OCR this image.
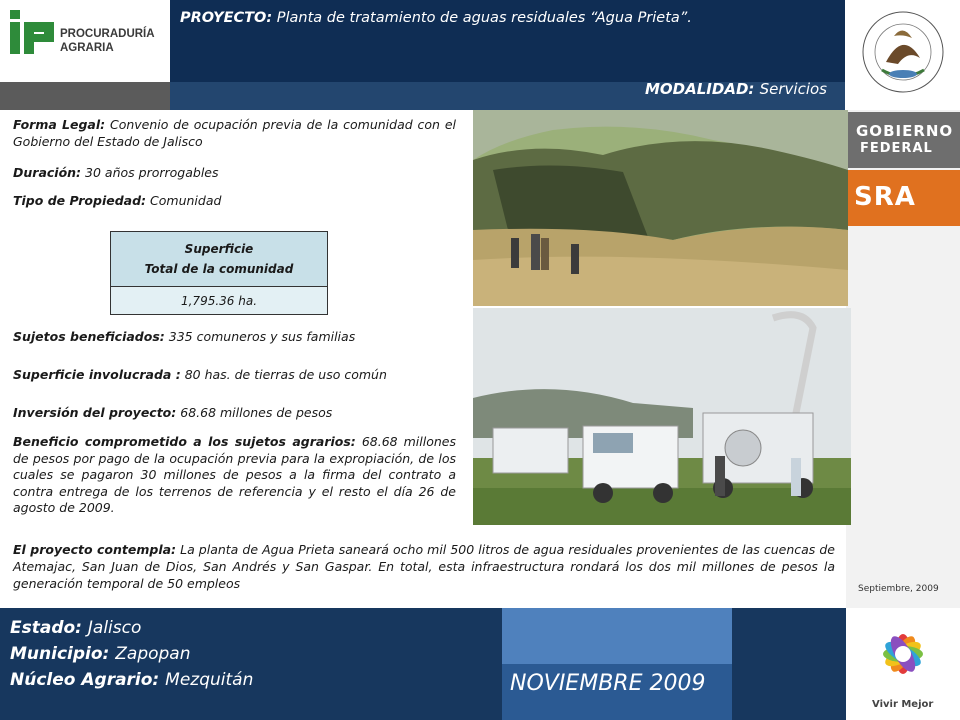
PROCURADURÍA
AGRARIA
PROYECTO: Planta de tratamiento de aguas residuales “Agua Prieta”.
MODALIDAD: Servicios
GOBIERNO
FEDERAL
SRA
Septiembre, 2009
Forma Legal: Convenio de ocupación previa de la comunidad con el Gobierno del Estado de Jalisco
Duración: 30 años prorrogables
Tipo de Propiedad: Comunidad
Superficie
Total de la comunidad

1,795.36 ha.
Sujetos beneficiados: 335 comuneros y sus familias
Superficie involucrada : 80 has. de tierras de uso común
Inversión del proyecto: 68.68 millones de pesos
Beneficio comprometido a los sujetos agrarios: 68.68 millones de pesos por pago de la ocupación previa para la expropiación, de los cuales se pagaron 30 millones de pesos a la firma del contrato a contra entrega de los terrenos de referencia y el resto el día 26 de agosto de 2009.
El proyecto contempla: La planta de Agua Prieta saneará ocho mil 500 litros de agua residuales provenientes de las cuencas de Atemajac, San Juan de Dios, San Andrés y San Gaspar. En total, esta infraestructura rondará los dos mil millones de pesos la generación temporal de 50 empleos
Estado: Jalisco
Municipio: Zapopan
Núcleo Agrario: Mezquitán	NOVIEMBRE 2009
Vivir Mejor
